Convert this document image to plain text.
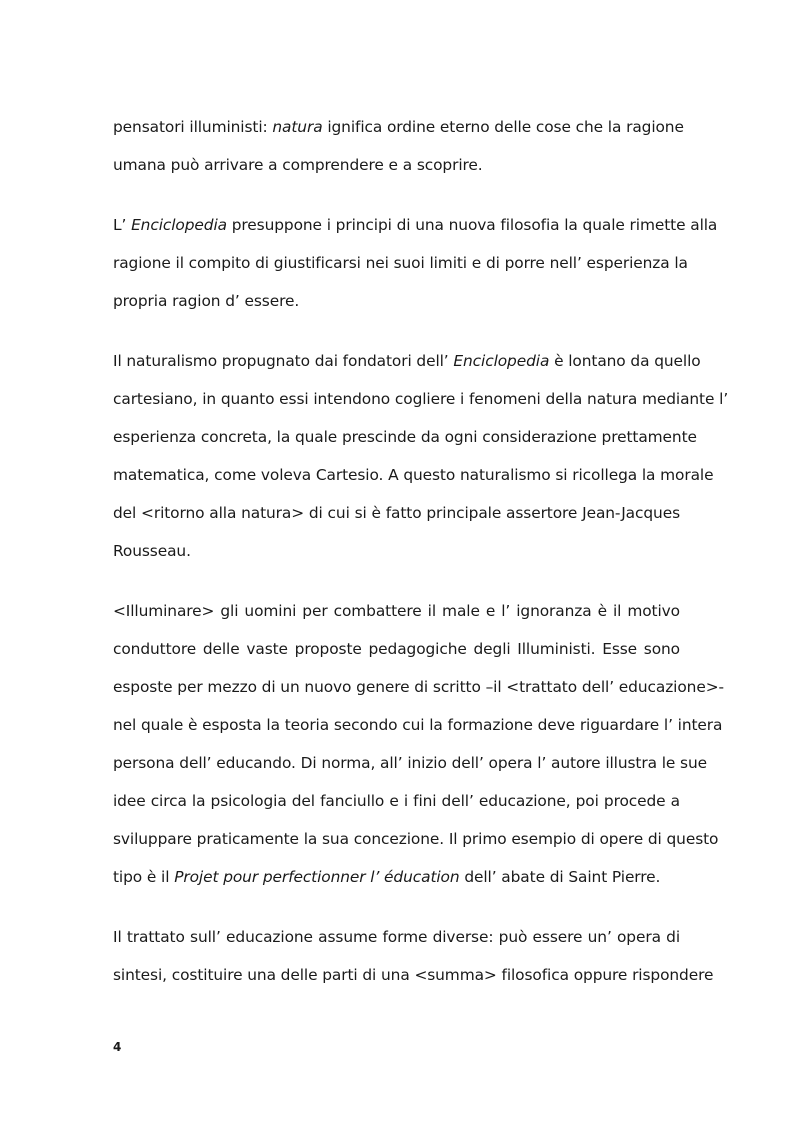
pensatori illuministi: natura ignifica ordine eterno delle cose che la ragione
umana può arrivare a comprendere e a scoprire.
L’ Enciclopedia presuppone i principi di una nuova filosofia la quale rimette alla
ragione il compito di giustificarsi nei suoi limiti e di porre nell’ esperienza la
propria ragion d’ essere.
Il naturalismo propugnato dai fondatori dell’ Enciclopedia è lontano da quello
cartesiano, in quanto essi intendono cogliere i fenomeni della natura mediante l’
esperienza concreta, la quale prescinde da ogni considerazione prettamente
matematica, come voleva Cartesio. A questo naturalismo si ricollega la morale
del <ritorno alla natura> di cui si è fatto principale assertore Jean-Jacques
Rousseau.
<Illuminare> gli uomini per combattere il male e l’ ignoranza è il motivo
conduttore delle vaste proposte pedagogiche degli Illuministi. Esse sono
esposte per mezzo di un nuovo genere di scritto –il <trattato dell’ educazione>-
nel quale è esposta la teoria secondo cui la formazione deve riguardare l’ intera
persona dell’ educando. Di norma, all’ inizio dell’ opera l’ autore illustra le sue
idee circa la psicologia del fanciullo e i fini dell’ educazione, poi procede a
sviluppare praticamente la sua concezione. Il primo esempio di opere di questo
tipo è il Projet pour perfectionner l’ éducation dell’ abate di Saint Pierre.
Il trattato sull’ educazione assume forme diverse: può essere un’ opera di
sintesi, costituire una delle parti di una <summa> filosofica oppure rispondere
4
